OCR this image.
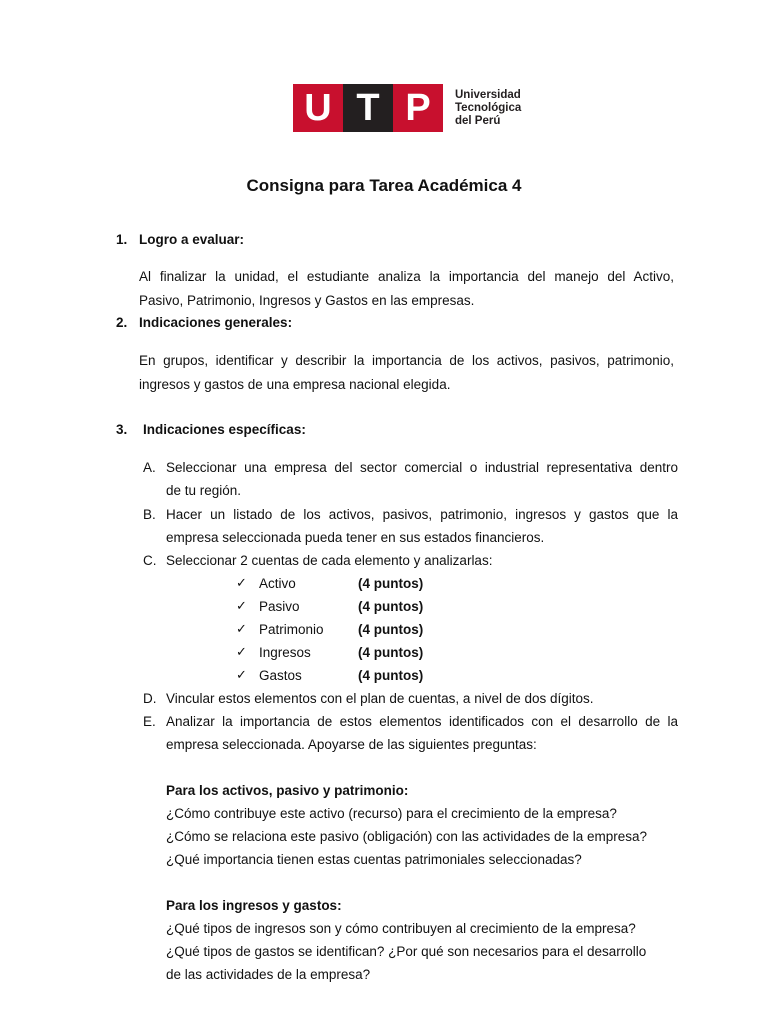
U T P	Universidad
Tecnológica
del Perú
Consigna para Tarea Académica 4
1. Logro a evaluar:
Al finalizar la unidad, el estudiante analiza la importancia del manejo del Activo,
Pasivo, Patrimonio, Ingresos y Gastos en las empresas.
2. Indicaciones generales:
En grupos, identificar y describir la importancia de los activos, pasivos, patrimonio,
ingresos y gastos de una empresa nacional elegida.
3. Indicaciones específicas:
A. Seleccionar una empresa del sector comercial o industrial representativa dentro
de tu región.
B. Hacer un listado de los activos, pasivos, patrimonio, ingresos y gastos que la
empresa seleccionada pueda tener en sus estados financieros.
C. Seleccionar 2 cuentas de cada elemento y analizarlas:
✓ Activo	(4 puntos)
✓ Pasivo	(4 puntos)
✓ Patrimonio	(4 puntos)
✓ Ingresos	(4 puntos)
✓ Gastos	(4 puntos)
D. Vincular estos elementos con el plan de cuentas, a nivel de dos dígitos.
E. Analizar la importancia de estos elementos identificados con el desarrollo de la
empresa seleccionada. Apoyarse de las siguientes preguntas:
Para los activos, pasivo y patrimonio:
¿Cómo contribuye este activo (recurso) para el crecimiento de la empresa?
¿Cómo se relaciona este pasivo (obligación) con las actividades de la empresa?
¿Qué importancia tienen estas cuentas patrimoniales seleccionadas?
Para los ingresos y gastos:
¿Qué tipos de ingresos son y cómo contribuyen al crecimiento de la empresa?
¿Qué tipos de gastos se identifican? ¿Por qué son necesarios para el desarrollo
de las actividades de la empresa?
